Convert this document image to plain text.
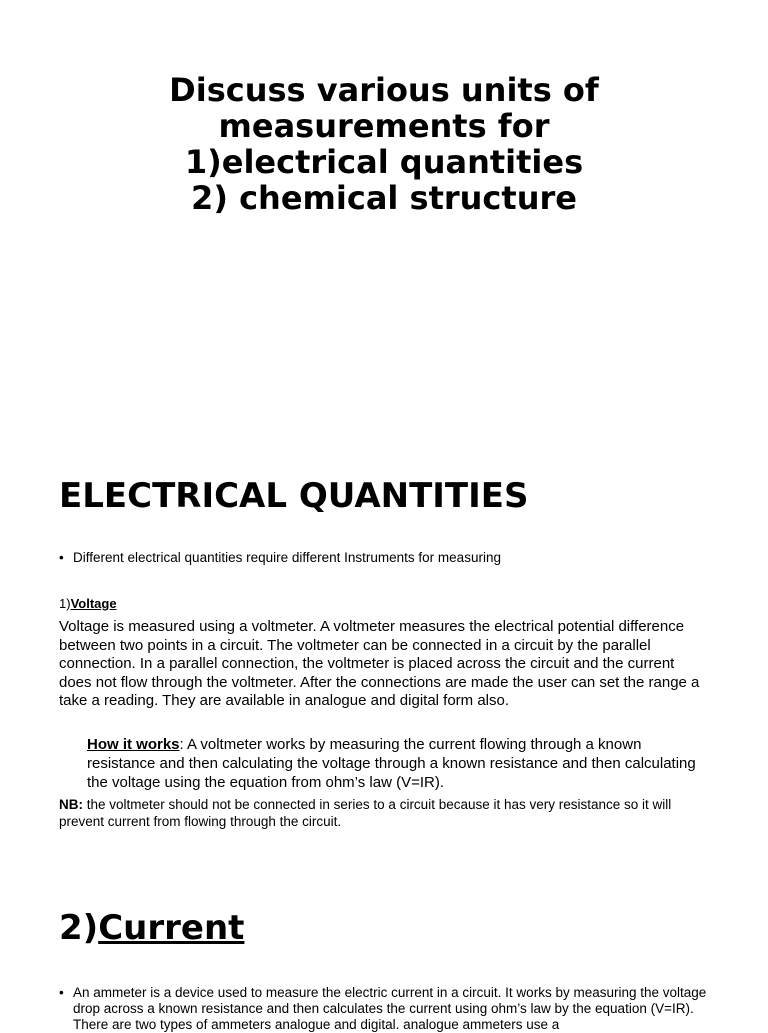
Discuss various units of
measurements for
1)electrical quantities
2) chemical structure
ELECTRICAL QUANTITIES
• Different electrical quantities require different Instruments for measuring
1)Voltage
Voltage is measured using a voltmeter. A voltmeter measures the electrical potential difference between two points in a circuit. The voltmeter can be connected in a circuit by the parallel connection. In a parallel connection, the voltmeter is placed across the circuit and the current does not flow through the voltmeter. After the connections are made the user can set the range a take a reading. They are available in analogue and digital form also.
How it works: A voltmeter works by measuring the current flowing through a known resistance and then calculating the voltage through a known resistance and then calculating the voltage using the equation from ohm’s law (V=IR).
NB: the voltmeter should not be connected in series to a circuit because it has very resistance so it will prevent current from flowing through the circuit.
2)Current
• An ammeter is a device used to measure the electric current in a circuit. It works by measuring the voltage drop across a known resistance and then calculates the current using ohm’s law by the equation (V=IR). There are two types of ammeters analogue and digital. analogue ammeters use a
